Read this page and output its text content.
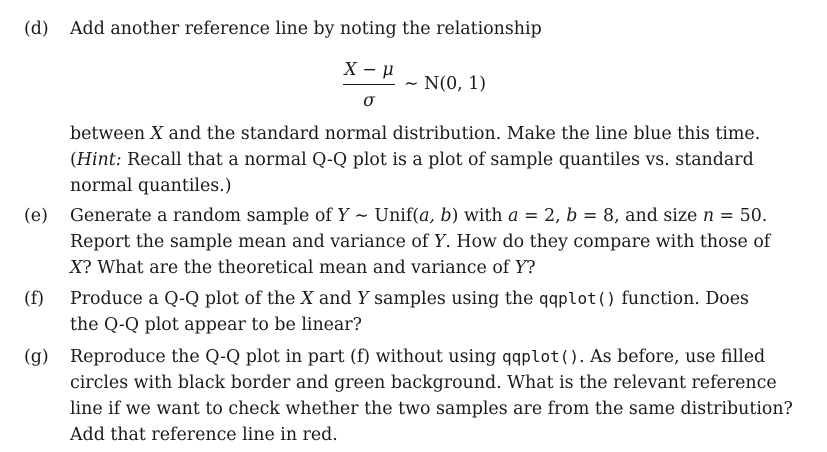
(d) Add another reference line by noting the relationship
X − μ
σ
∼ N(0, 1)
between X and the standard normal distribution. Make the line blue this time.
(Hint: Recall that a normal Q-Q plot is a plot of sample quantiles vs. standard
normal quantiles.)
(e) Generate a random sample of Y ∼ Unif(a, b) with a = 2, b = 8, and size n = 50.
Report the sample mean and variance of Y. How do they compare with those of
X? What are the theoretical mean and variance of Y?
(f) Produce a Q-Q plot of the X and Y samples using the qqplot() function. Does
the Q-Q plot appear to be linear?
(g) Reproduce the Q-Q plot in part (f) without using qqplot(). As before, use filled
circles with black border and green background. What is the relevant reference
line if we want to check whether the two samples are from the same distribution?
Add that reference line in red.
